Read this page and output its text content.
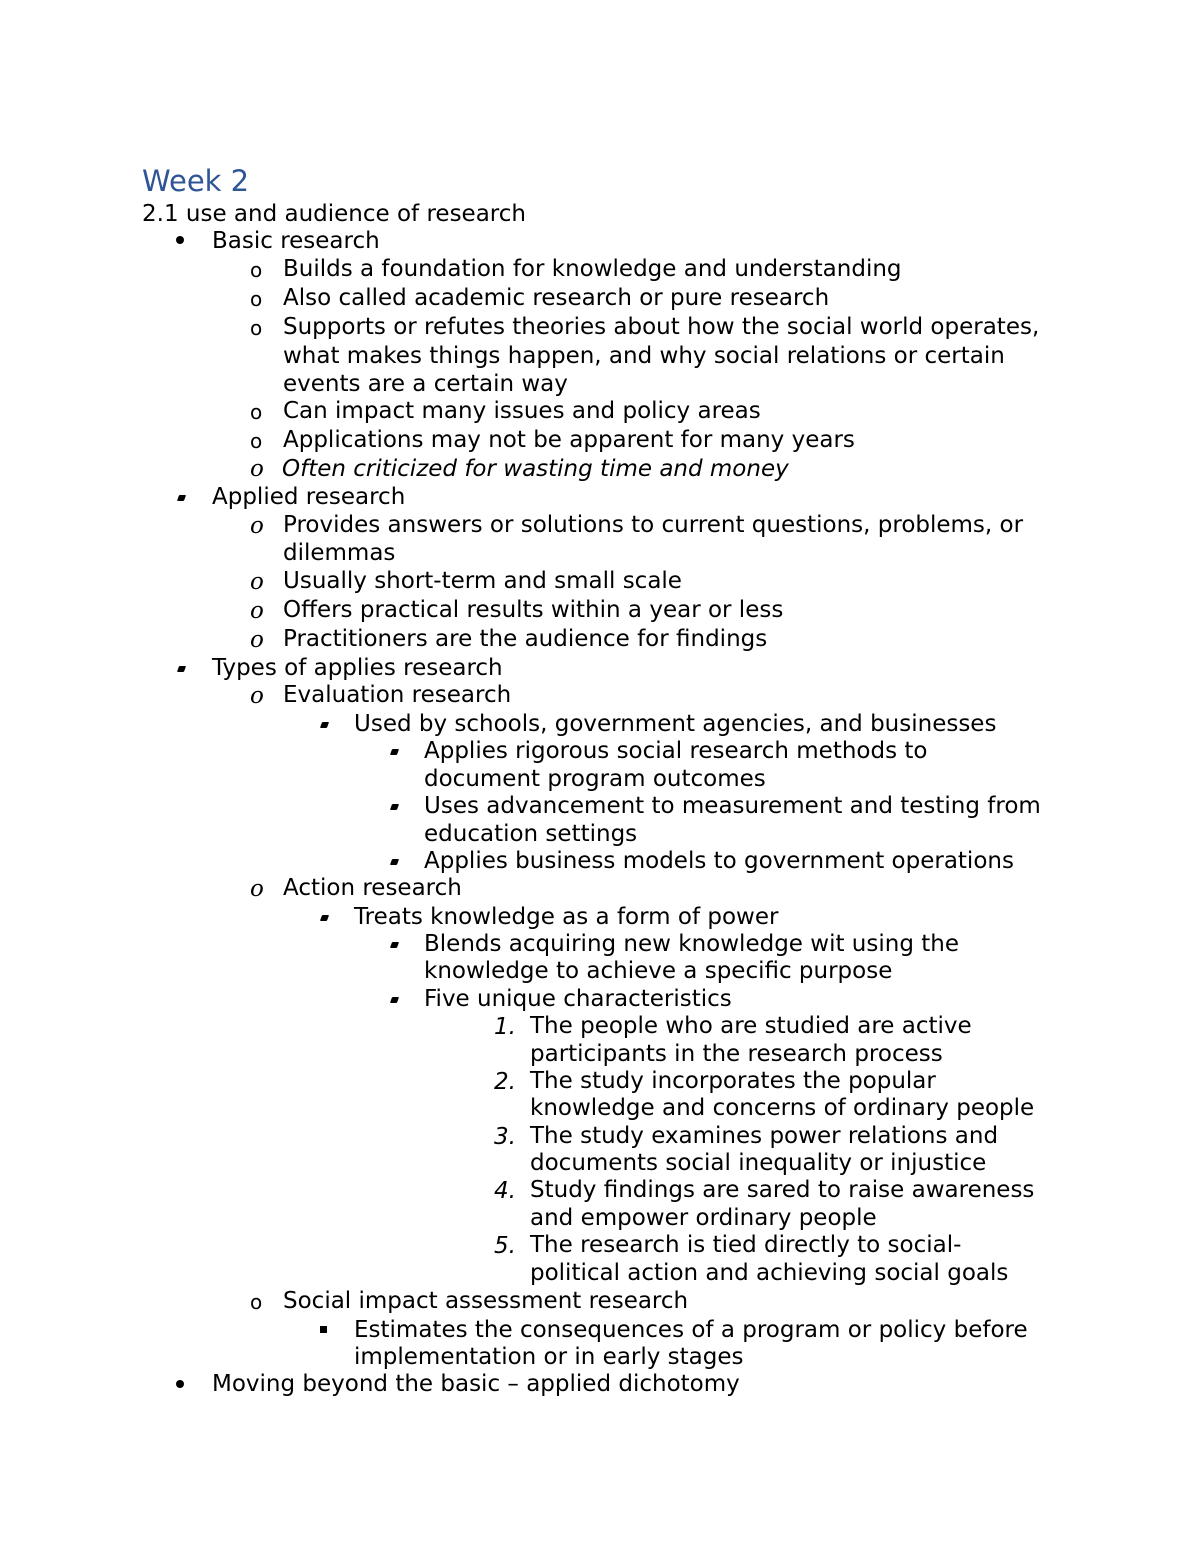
Week 2
2.1 use and audience of research
Basic research
o Builds a foundation for knowledge and understanding
o Also called academic research or pure research
o Supports or refutes theories about how the social world operates,
what makes things happen, and why social relations or certain
events are a certain way
o Can impact many issues and policy areas
o Applications may not be apparent for many years
o Often criticized for wasting time and money
Applied research
o Provides answers or solutions to current questions, problems, or
dilemmas
o Usually short-term and small scale
o Offers practical results within a year or less
o Practitioners are the audience for findings
Types of applies research
o Evaluation research
Used by schools, government agencies, and businesses
Applies rigorous social research methods to
document program outcomes
Uses advancement to measurement and testing from
education settings
Applies business models to government operations
o Action research
Treats knowledge as a form of power
Blends acquiring new knowledge wit using the
knowledge to achieve a specific purpose
Five unique characteristics
1. The people who are studied are active
participants in the research process
2. The study incorporates the popular
knowledge and concerns of ordinary people
3. The study examines power relations and
documents social inequality or injustice
4. Study findings are sared to raise awareness
and empower ordinary people
5. The research is tied directly to social-
political action and achieving social goals
o Social impact assessment research
Estimates the consequences of a program or policy before
implementation or in early stages
Moving beyond the basic – applied dichotomy
